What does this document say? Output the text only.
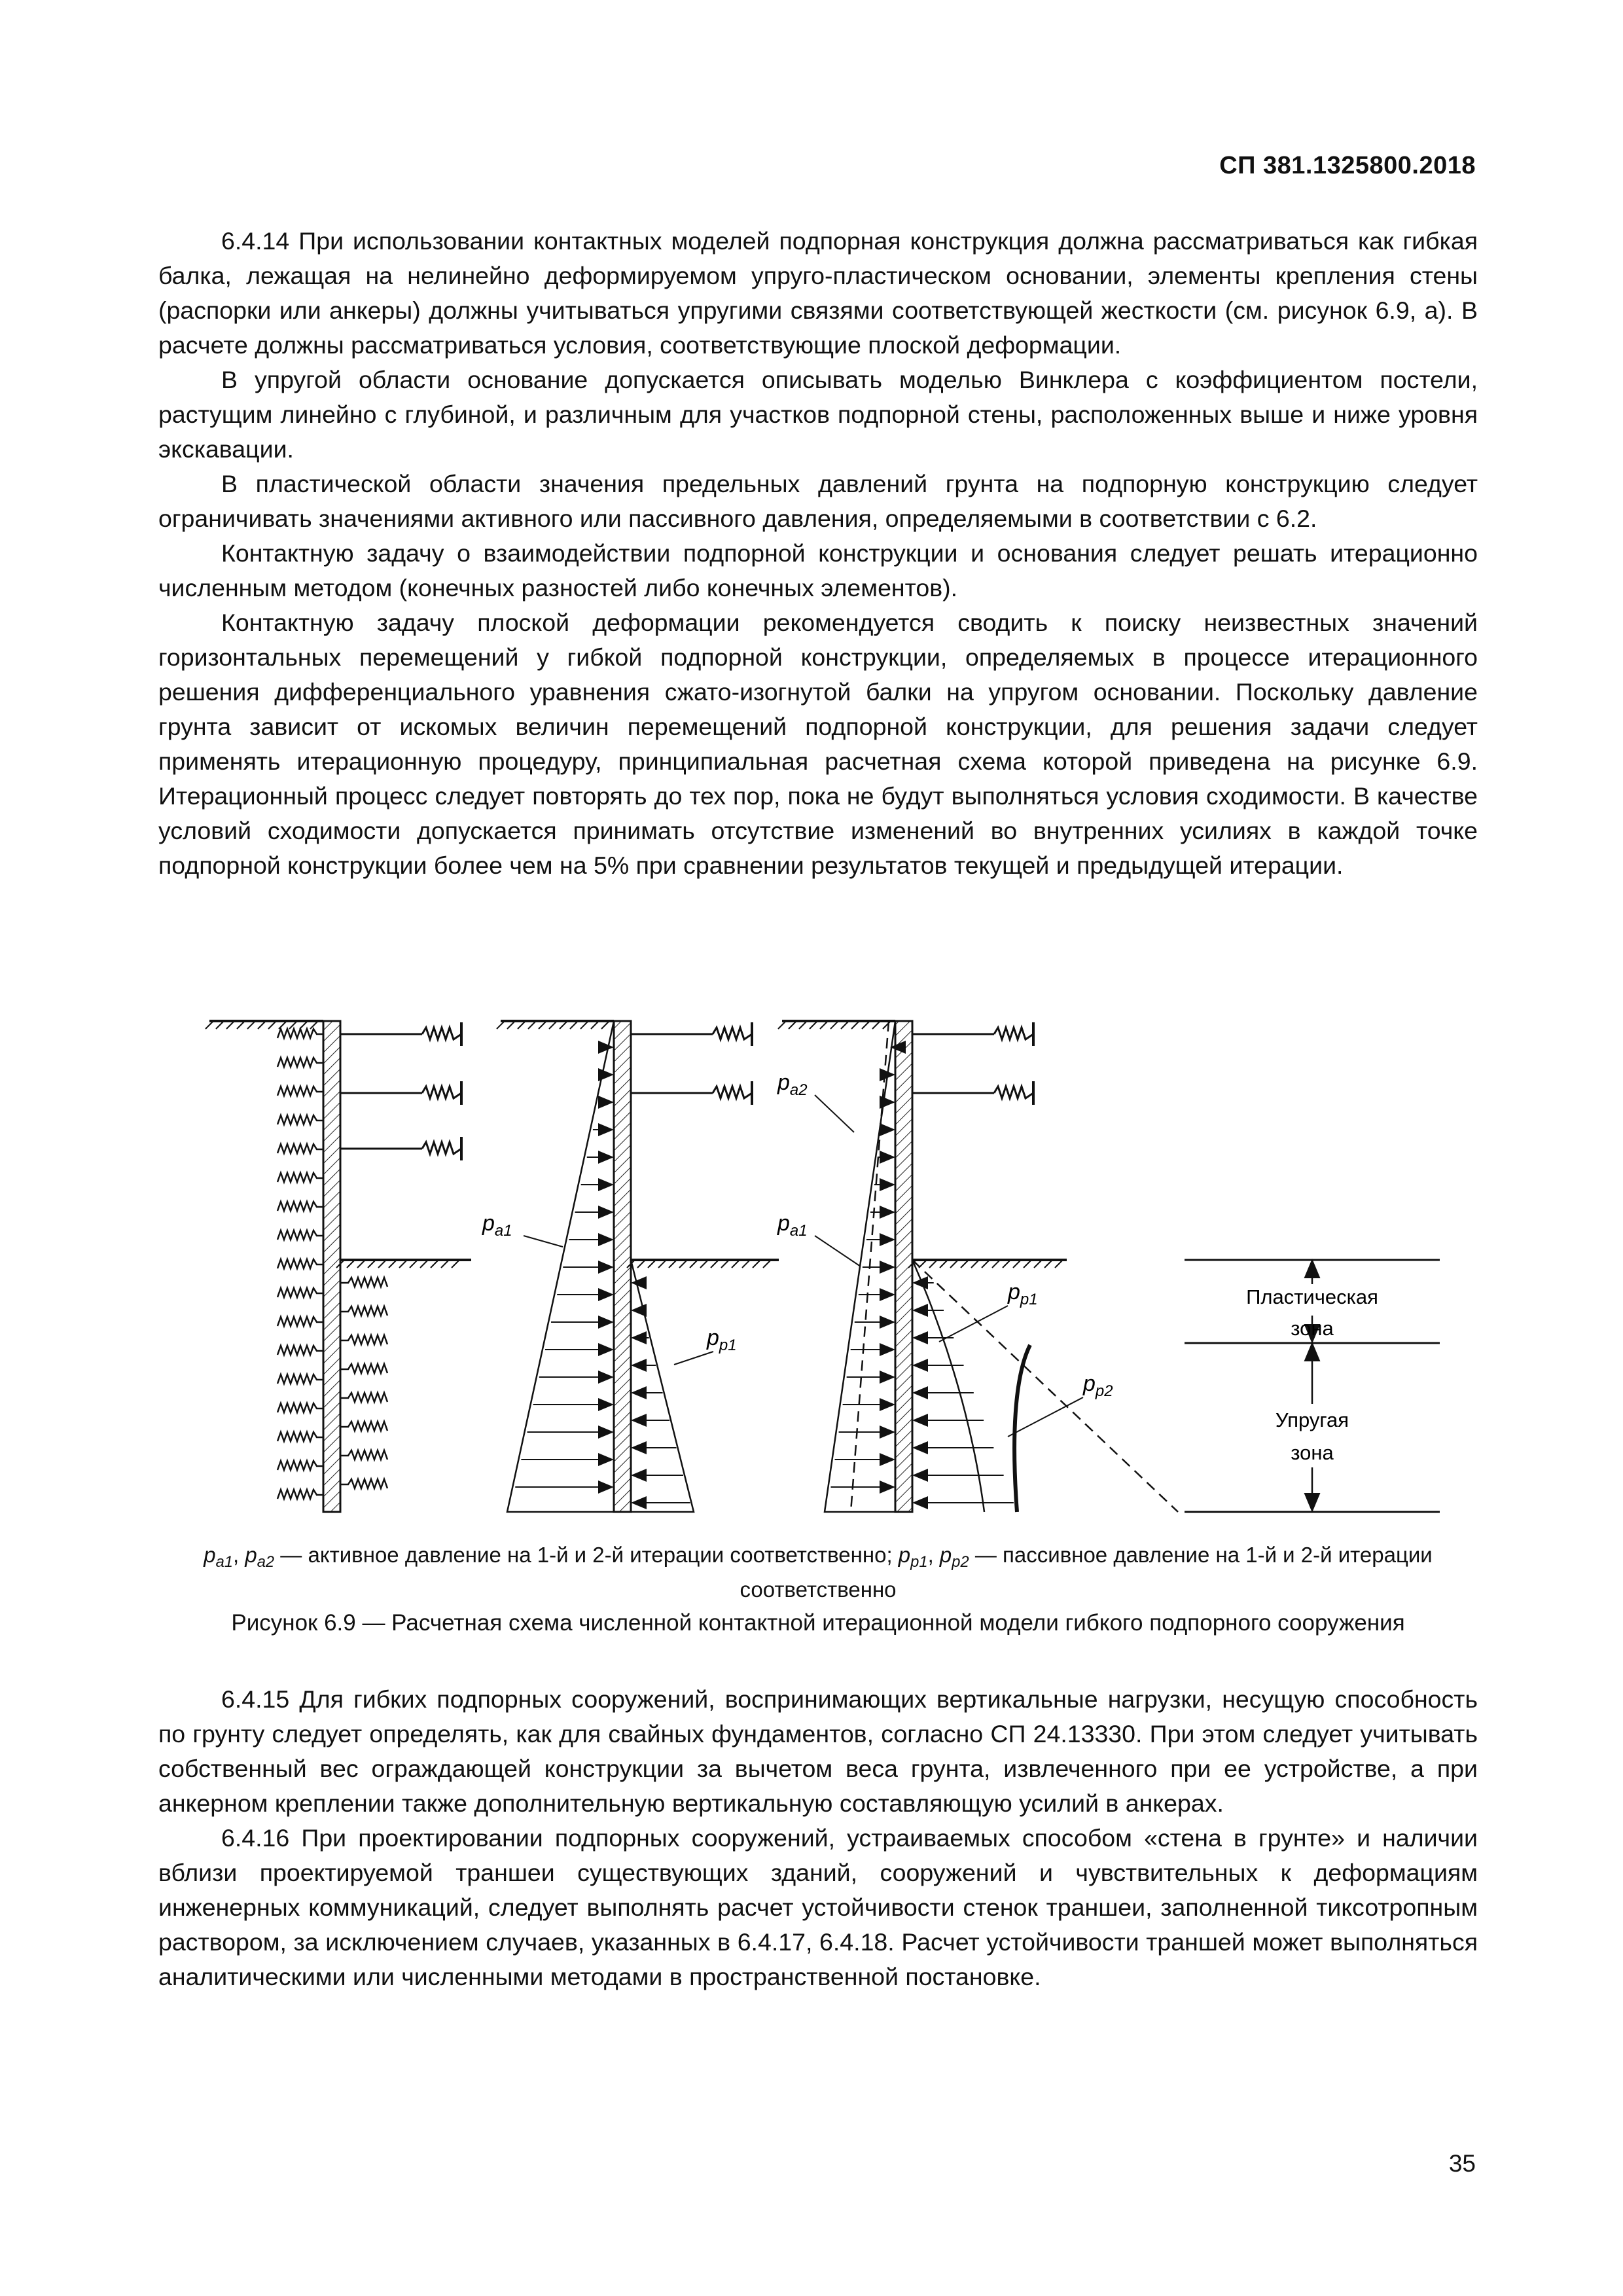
СП 381.1325800.2018

6.4.14 При использовании контактных моделей подпорная конструкция должна рассматриваться как гибкая балка, лежащая на нелинейно деформируемом упруго-пластическом основании, элементы крепления стены (распорки или анкеры) должны учитываться упругими связями соответствующей жесткости (см. рисунок 6.9, а). В расчете должны рассматриваться условия, соответствующие плоской деформации.

В упругой области основание допускается описывать моделью Винклера с коэффициентом постели, растущим линейно с глубиной, и различным для участков подпорной стены, расположенных выше и ниже уровня экскавации.

В пластической области значения предельных давлений грунта на подпорную конструкцию следует ограничивать значениями активного или пассивного давления, определяемыми в соответствии с 6.2.

Контактную задачу о взаимодействии подпорной конструкции и основания следует решать итерационно численным методом (конечных разностей либо конечных элементов).

Контактную задачу плоской деформации рекомендуется сводить к поиску неизвестных значений горизонтальных перемещений y гибкой подпорной конструкции, определяемых в процессе итерационного решения дифференциального уравнения сжато-изогнутой балки на упругом основании. Поскольку давление грунта зависит от искомых величин перемещений подпорной конструкции, для решения задачи следует применять итерационную процедуру, принципиальная расчетная схема которой приведена на рисунке 6.9. Итерационный процесс следует повторять до тех пор, пока не будут выполняться условия сходимости. В качестве условий сходимости допускается принимать отсутствие изменений во внутренних усилиях в каждой точке подпорной конструкции более чем на 5% при сравнении результатов текущей и предыдущей итерации.

$p_{a1}$
$p_{p1}$
$p_{a2}$
$p_{a1}$
$p_{p1}$
$p_{p2}$
Пластическая
зона
Упругая
зона
$p_{a1}$, $p_{a2}$ — активное давление на 1-й и 2-й итерации соответственно; $p_{p1}$, $p_{p2}$ — пассивное давление на 1-й и 2-й итерации соответственно
Рисунок 6.9 — Расчетная схема численной контактной итерационной модели гибкого подпорного сооружения

6.4.15 Для гибких подпорных сооружений, воспринимающих вертикальные нагрузки, несущую способность по грунту следует определять, как для свайных фундаментов, согласно СП 24.13330. При этом следует учитывать собственный вес ограждающей конструкции за вычетом веса грунта, извлеченного при ее устройстве, а при анкерном креплении также дополнительную вертикальную составляющую усилий в анкерах.

6.4.16 При проектировании подпорных сооружений, устраиваемых способом «стена в грунте» и наличии вблизи проектируемой траншеи существующих зданий, сооружений и чувствительных к деформациям инженерных коммуникаций, следует выполнять расчет устойчивости стенок траншеи, заполненной тиксотропным раствором, за исключением случаев, указанных в 6.4.17, 6.4.18. Расчет устойчивости траншей может выполняться аналитическими или численными методами в пространственной постановке.

35
